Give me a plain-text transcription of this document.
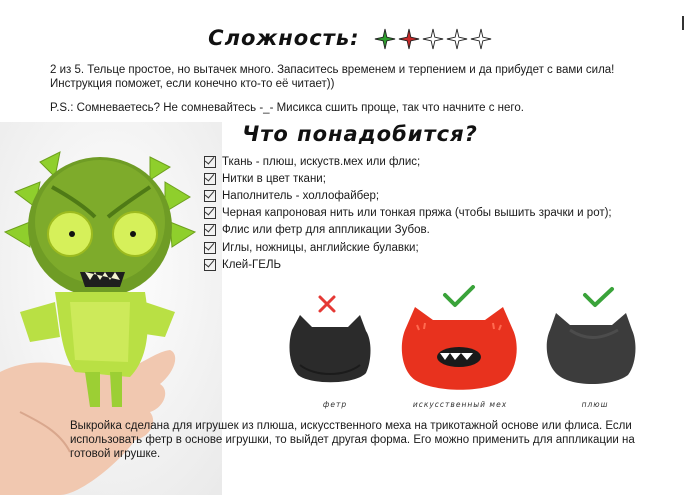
Сложность:
2 из 5. Тельце простое, но вытачек много. Запаситесь временем и терпением и да прибудет с вами сила! Инструкция поможет, если конечно кто-то её читает))
P.S.: Сомневаетесь? Не сомневайтесь -_- Мисикса сшить проще, так что начните с него.
Что понадобится?
Ткань - плюш, искуств.мех или флис;
Нитки в цвет ткани;
Наполнитель - холлофайбер;
Черная капроновая нить или тонкая пряжа (чтобы вышить зрачки и рот);
Флис или фетр для аппликации Зубов.
Иглы, ножницы, английские булавки;
Клей-ГЕЛЬ
фетр	искусственный мех	плюш
Выкройка сделана для игрушек из плюша, искусственного меха на трикотажной основе или флиса. Если использовать фетр в основе игрушки, то выйдет другая форма. Его можно применить для аппликации на готовой игрушке.
